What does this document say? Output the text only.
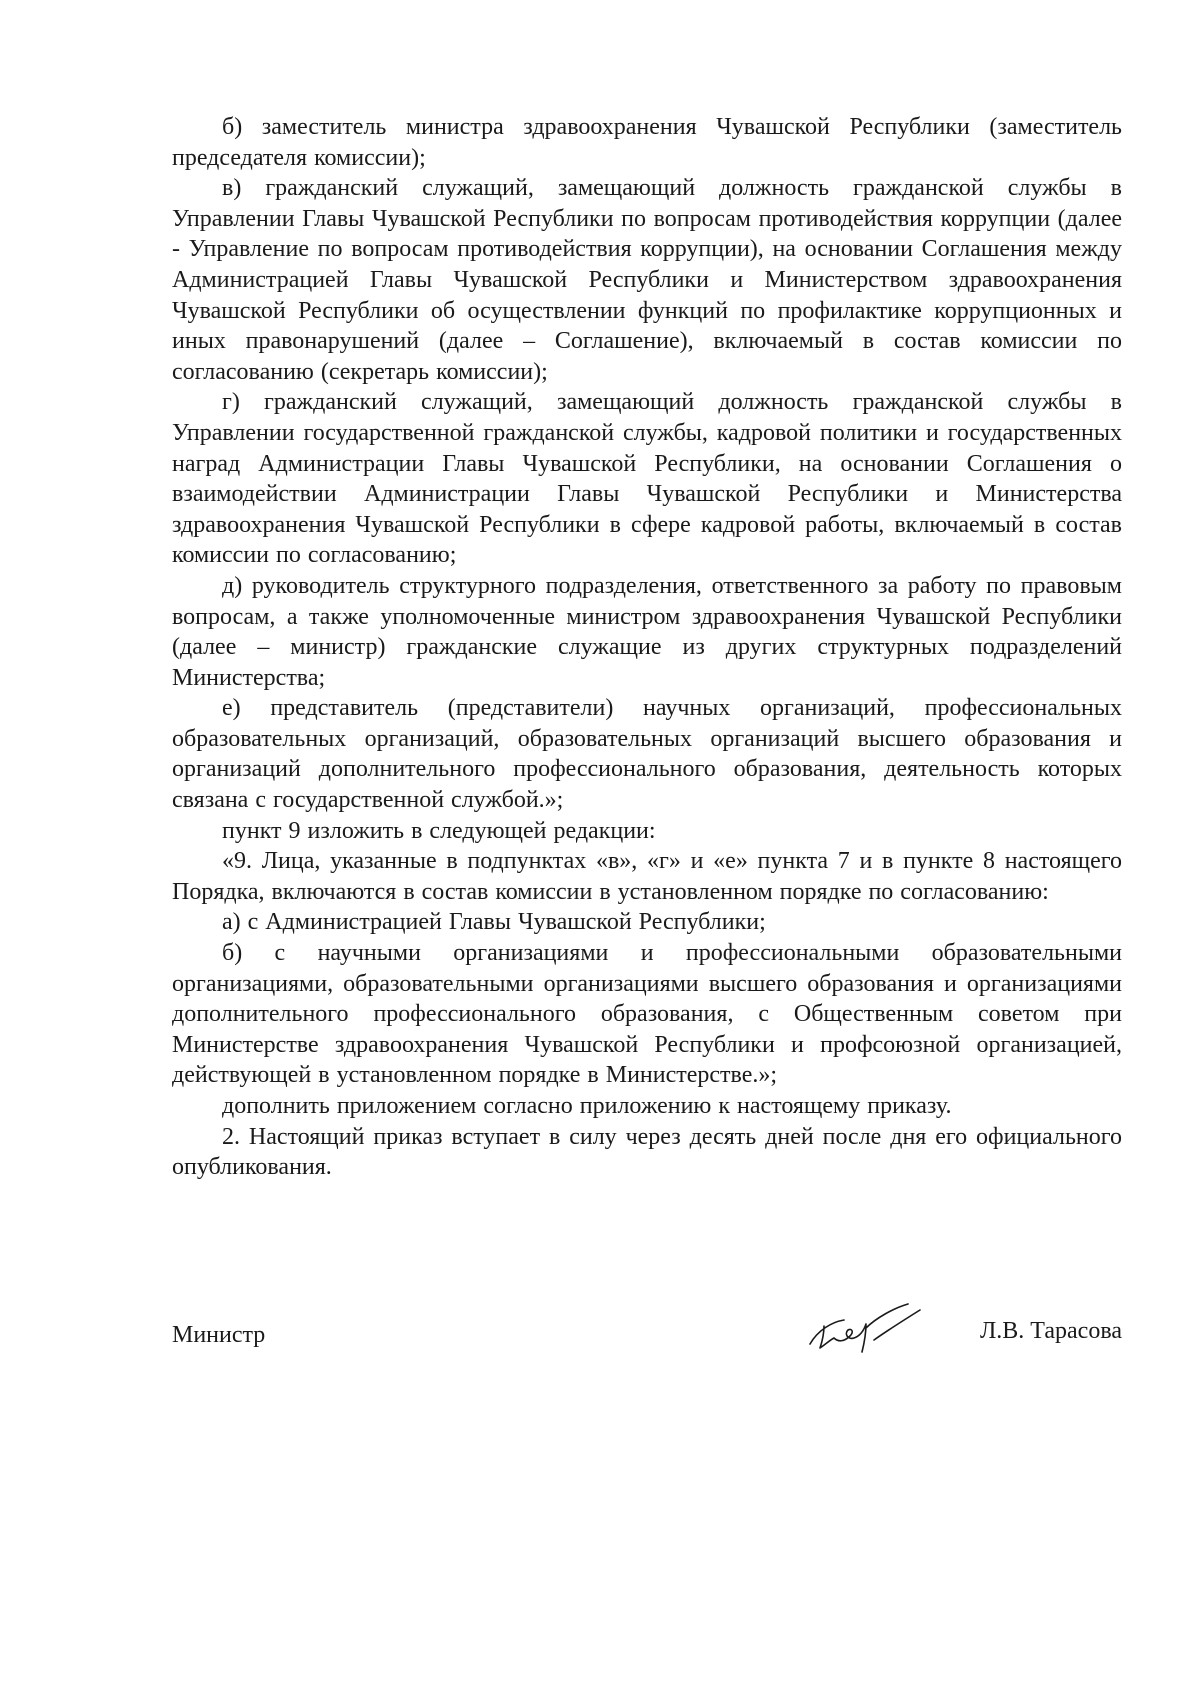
б) заместитель министра здравоохранения Чувашской Республики (заместитель председателя комиссии);

в) гражданский служащий, замещающий должность гражданской службы в Управлении Главы Чувашской Республики по вопросам противодействия коррупции (далее - Управление по вопросам противодействия коррупции), на основании Соглашения между Администрацией Главы Чувашской Республики и Министерством здравоохранения Чувашской Республики об осуществлении функций по профилактике коррупционных и иных правонарушений (далее – Соглашение), включаемый в состав комиссии по согласованию (секретарь комиссии);

г) гражданский служащий, замещающий должность гражданской службы в Управлении государственной гражданской службы, кадровой политики и государственных наград Администрации Главы Чувашской Республики, на основании Соглашения о взаимодействии Администрации Главы Чувашской Республики и Министерства здравоохранения Чувашской Республики в сфере кадровой работы, включаемый в состав комиссии по согласованию;

д) руководитель структурного подразделения, ответственного за работу по правовым вопросам, а также уполномоченные министром здравоохранения Чувашской Республики (далее – министр) гражданские служащие из других структурных подразделений Министерства;

е) представитель (представители) научных организаций, профессиональных образовательных организаций, образовательных организаций высшего образования и организаций дополнительного профессионального образования, деятельность которых связана с государственной службой.»;

пункт 9 изложить в следующей редакции:

«9. Лица, указанные в подпунктах «в», «г» и «е» пункта 7 и в пункте 8 настоящего Порядка, включаются в состав комиссии в установленном порядке по согласованию:

а) с Администрацией Главы Чувашской Республики;

б) с научными организациями и профессиональными образовательными организациями, образовательными организациями высшего образования и организациями дополнительного профессионального образования, с Общественным советом при Министерстве здравоохранения Чувашской Республики и профсоюзной организацией, действующей в установленном порядке в Министерстве.»;

дополнить приложением согласно приложению к настоящему приказу.

2. Настоящий приказ вступает в силу через десять дней после дня его официального опубликования.

Министр	Л.В. Тарасова
